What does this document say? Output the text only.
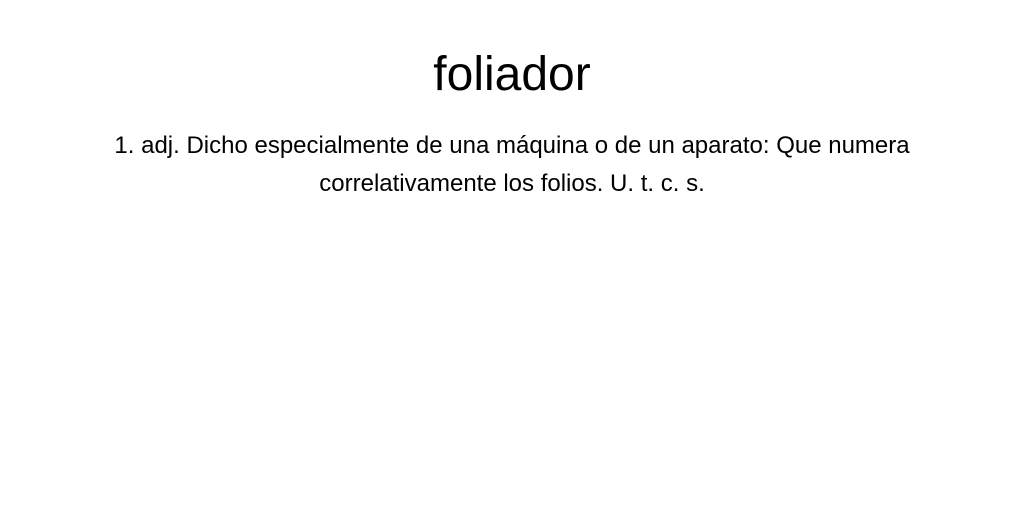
foliador

1. adj. Dicho especialmente de una máquina o de un aparato: Que numera correlativamente los folios. U. t. c. s.
